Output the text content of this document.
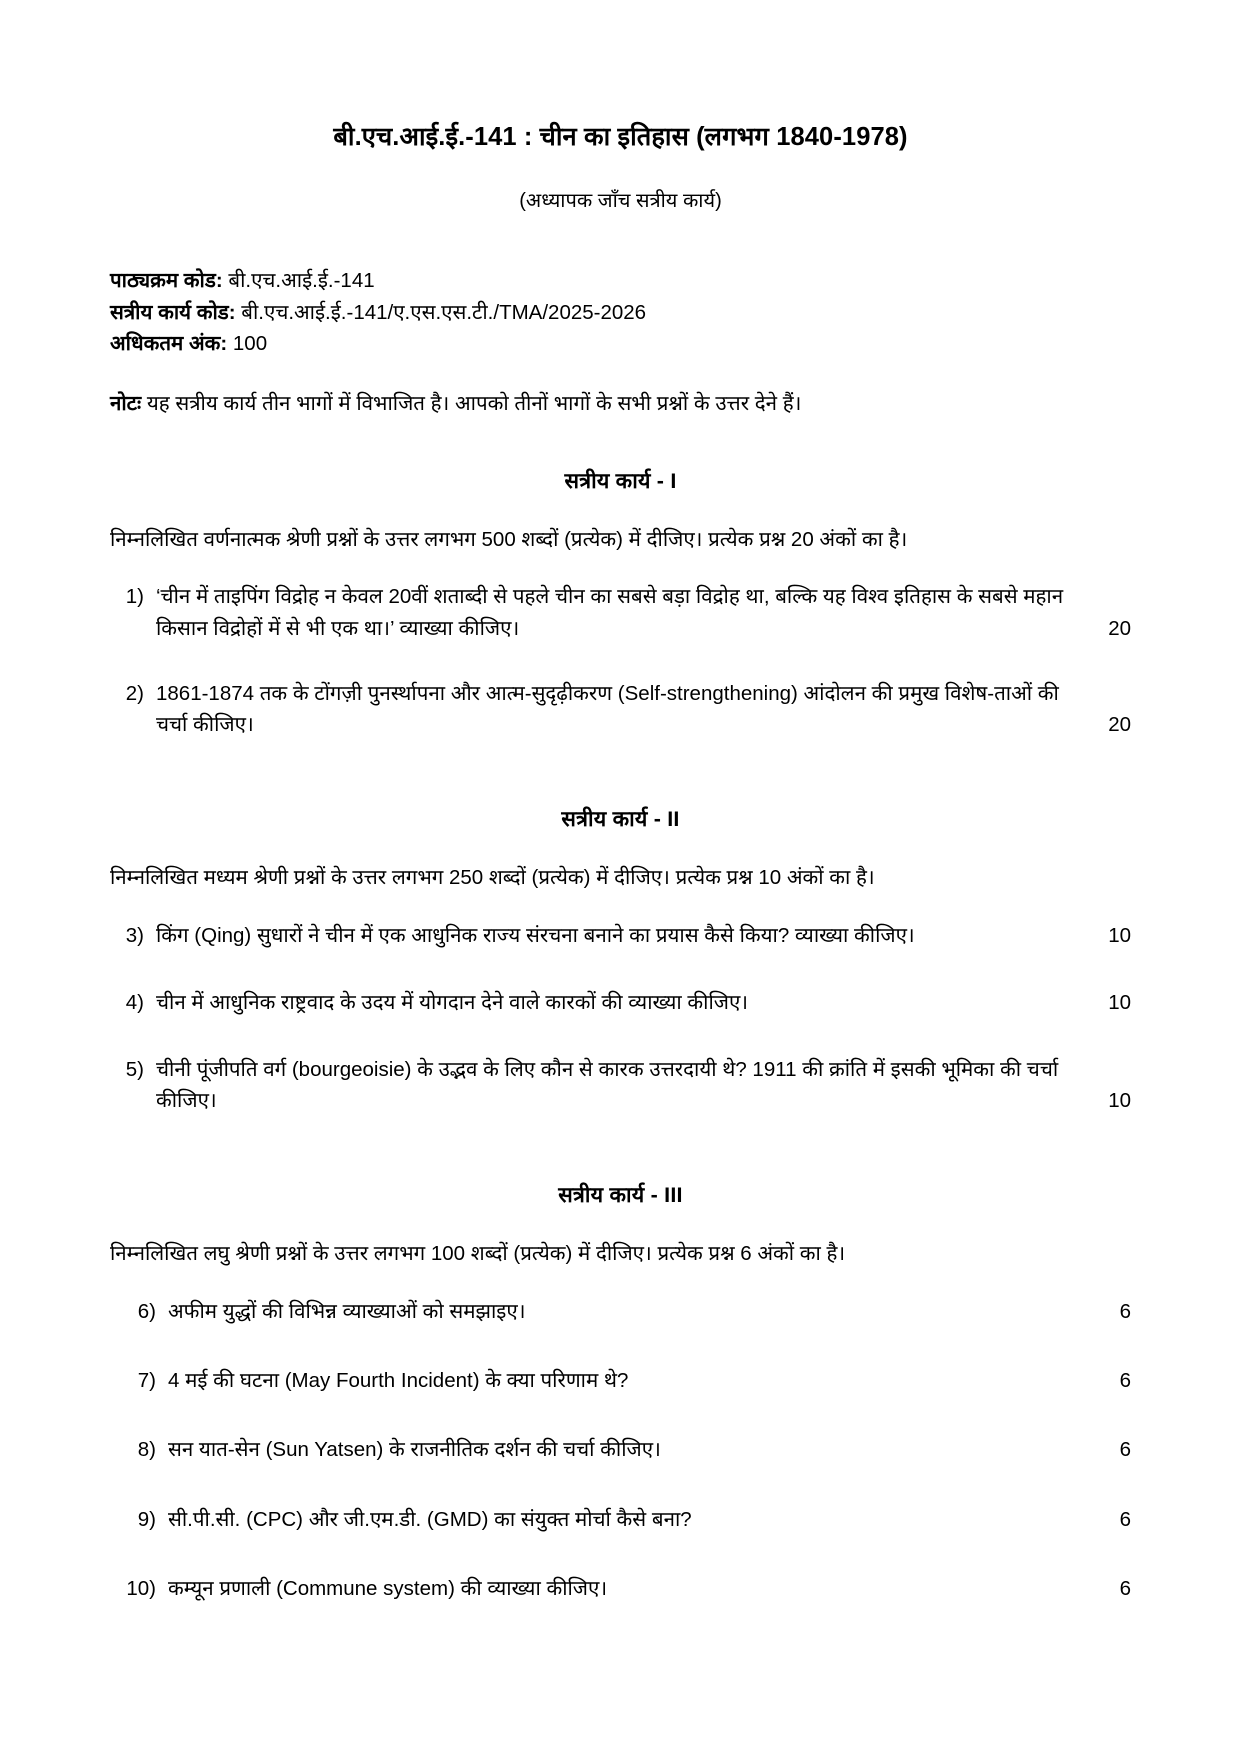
बी.एच.आई.ई.-141 : चीन का इतिहास (लगभग 1840-1978)
(अध्यापक जाँच सत्रीय कार्य)
पाठ्यक्रम कोड: बी.एच.आई.ई.-141
सत्रीय कार्य कोड: बी.एच.आई.ई.-141/ए.एस.एस.टी./TMA/2025-2026
अधिकतम अंक: 100
नोटः यह सत्रीय कार्य तीन भागों में विभाजित है। आपको तीनों भागों के सभी प्रश्नों के उत्तर देने हैं।
सत्रीय कार्य - I
निम्नलिखित वर्णनात्मक श्रेणी प्रश्नों के उत्तर लगभग 500 शब्दों (प्रत्येक) में दीजिए। प्रत्येक प्रश्न 20 अंकों का है।
1) ‘चीन में ताइपिंग विद्रोह न केवल 20वीं शताब्दी से पहले चीन का सबसे बड़ा विद्रोह था, बल्कि यह विश्व इतिहास के सबसे महान किसान विद्रोहों में से भी एक था।’ व्याख्या कीजिए।	20
2) 1861-1874 तक के टोंगज़ी पुनर्स्थापना और आत्म-सुदृढ़ीकरण (Self-strengthening) आंदोलन की प्रमुख विशेष-ताओं की चर्चा कीजिए।	20
सत्रीय कार्य - II
निम्नलिखित मध्यम श्रेणी प्रश्नों के उत्तर लगभग 250 शब्दों (प्रत्येक) में दीजिए। प्रत्येक प्रश्न 10 अंकों का है।
3) किंग (Qing) सुधारों ने चीन में एक आधुनिक राज्य संरचना बनाने का प्रयास कैसे किया? व्याख्या कीजिए।	10
4) चीन में आधुनिक राष्ट्रवाद के उदय में योगदान देने वाले कारकों की व्याख्या कीजिए।	10
5) चीनी पूंजीपति वर्ग (bourgeoisie) के उद्भव के लिए कौन से कारक उत्तरदायी थे? 1911 की क्रांति में इसकी भूमिका की चर्चा कीजिए।	10
सत्रीय कार्य - III
निम्नलिखित लघु श्रेणी प्रश्नों के उत्तर लगभग 100 शब्दों (प्रत्येक) में दीजिए। प्रत्येक प्रश्न 6 अंकों का है।
6) अफीम युद्धों की विभिन्न व्याख्याओं को समझाइए।	6
7) 4 मई की घटना (May Fourth Incident) के क्या परिणाम थे?	6
8) सन यात-सेन (Sun Yatsen) के राजनीतिक दर्शन की चर्चा कीजिए।	6
9) सी.पी.सी. (CPC) और जी.एम.डी. (GMD) का संयुक्त मोर्चा कैसे बना?	6
10) कम्यून प्रणाली (Commune system) की व्याख्या कीजिए।	6
